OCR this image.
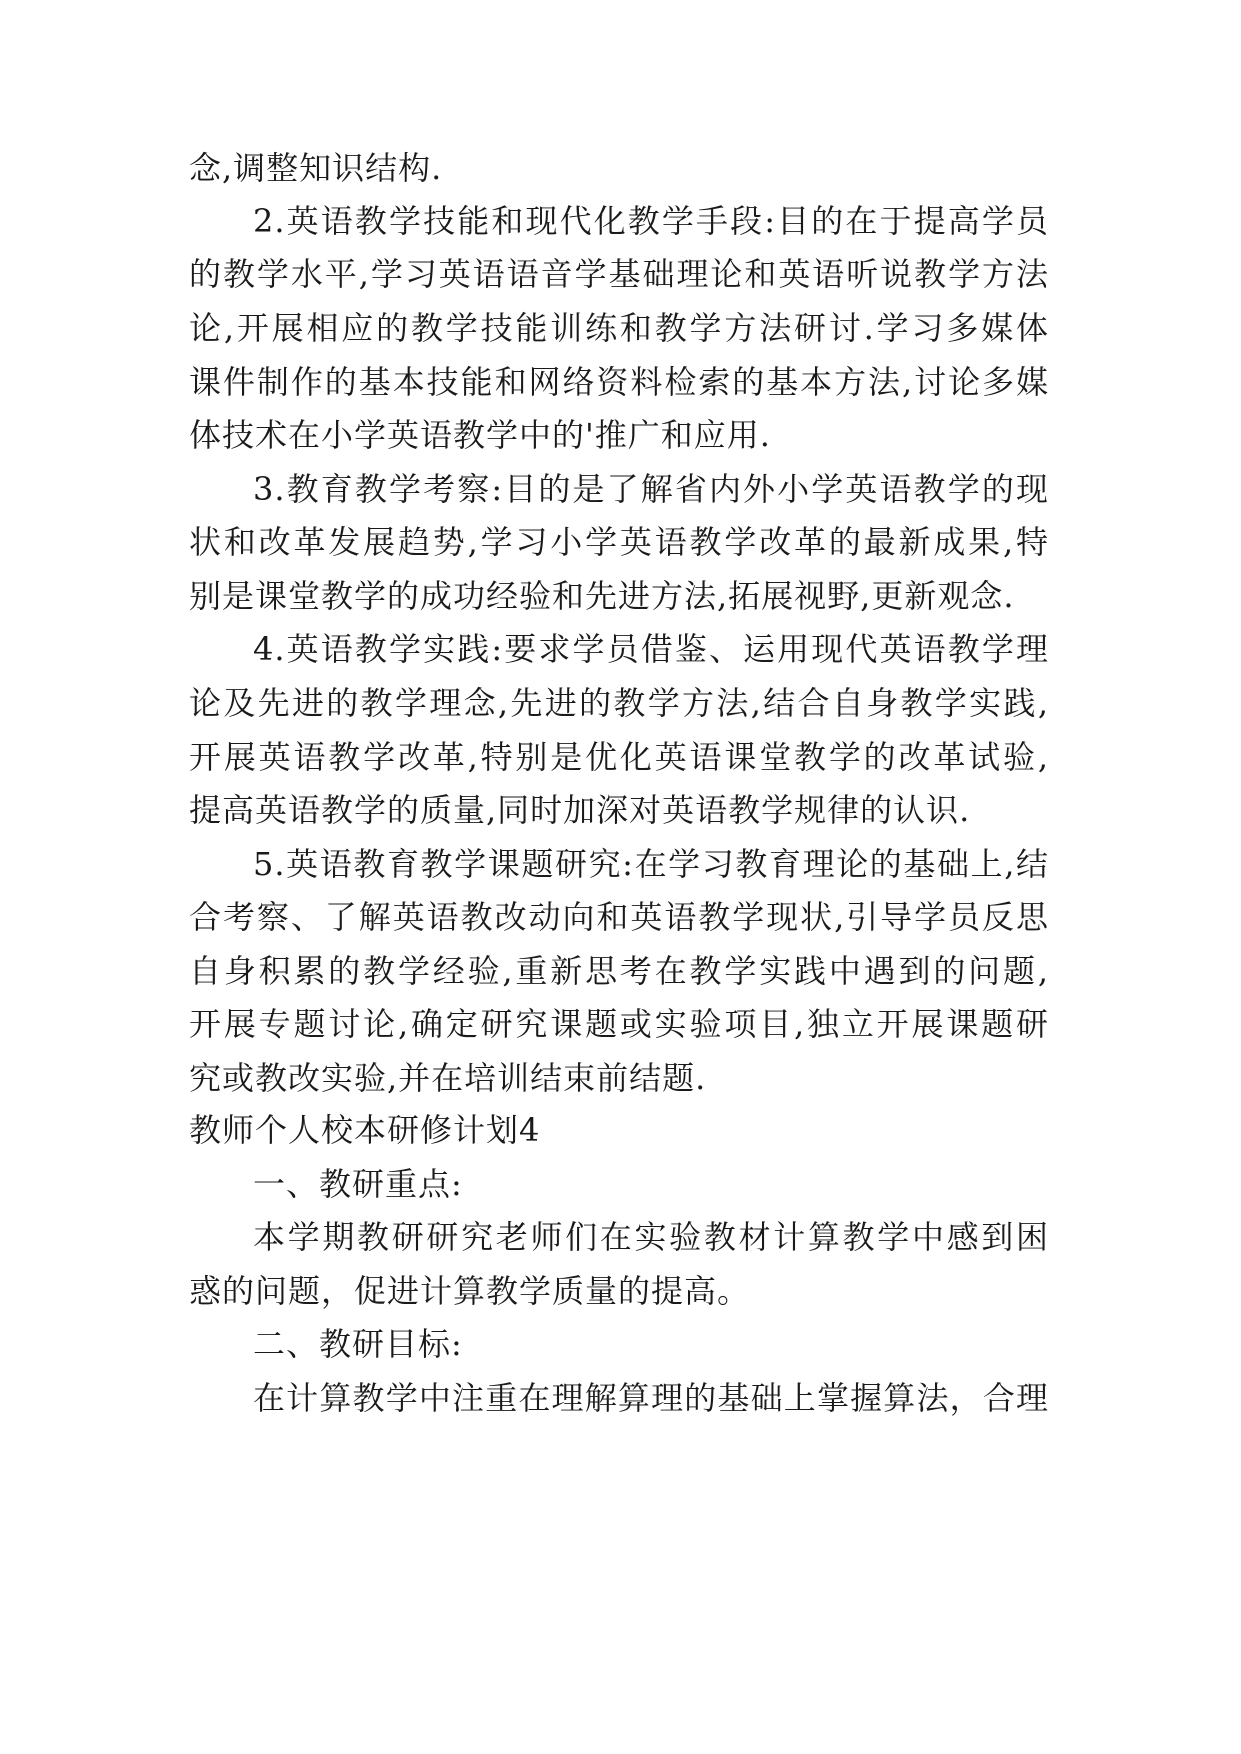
念,调整知识结构.
2.英语教学技能和现代化教学手段:目的在于提高学员
的教学水平,学习英语语音学基础理论和英语听说教学方法
论,开展相应的教学技能训练和教学方法研讨.学习多媒体
课件制作的基本技能和网络资料检索的基本方法,讨论多媒
体技术在小学英语教学中的'推广和应用.
3.教育教学考察:目的是了解省内外小学英语教学的现
状和改革发展趋势,学习小学英语教学改革的最新成果,特
别是课堂教学的成功经验和先进方法,拓展视野,更新观念.
4.英语教学实践:要求学员借鉴、运用现代英语教学理
论及先进的教学理念,先进的教学方法,结合自身教学实践,
开展英语教学改革,特别是优化英语课堂教学的改革试验,
提高英语教学的质量,同时加深对英语教学规律的认识.
5.英语教育教学课题研究:在学习教育理论的基础上,结
合考察、了解英语教改动向和英语教学现状,引导学员反思
自身积累的教学经验,重新思考在教学实践中遇到的问题,
开展专题讨论,确定研究课题或实验项目,独立开展课题研
究或教改实验,并在培训结束前结题.
教师个人校本研修计划4
一、教研重点:
本学期教研研究老师们在实验教材计算教学中感到困
惑的问题，促进计算教学质量的提高。
二、教研目标:
在计算教学中注重在理解算理的基础上掌握算法，合理
